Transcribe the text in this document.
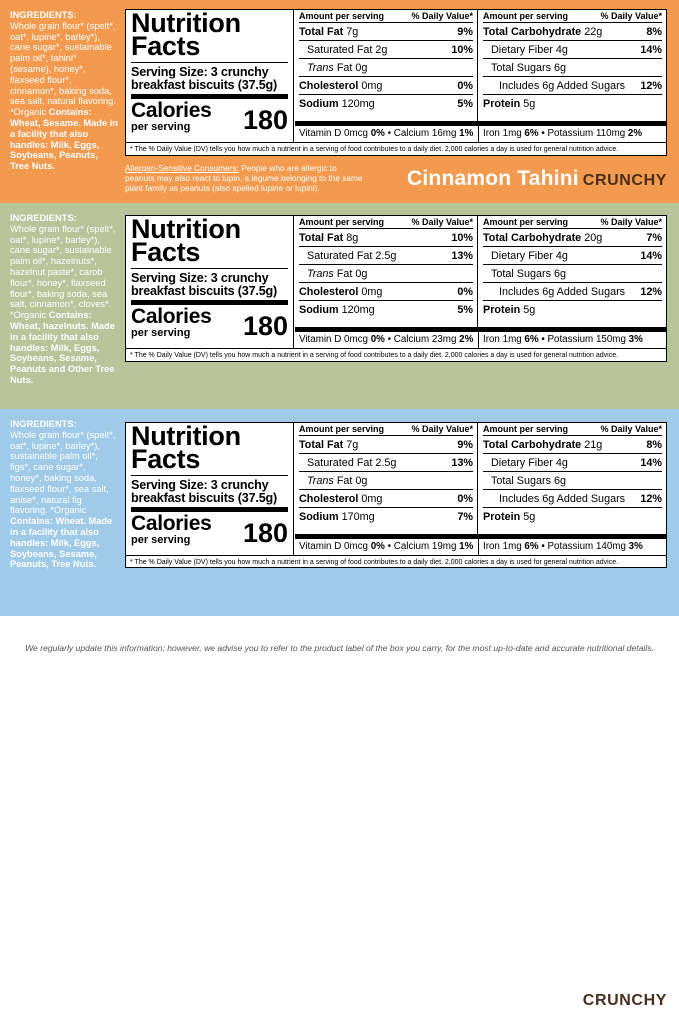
INGREDIENTS:
Whole grain flour* (spelt*, oat*, lupine*, barley*), cane sugar*, sustainable palm oil*, tahini* (sesame), honey*, flaxseed flour*, cinnamon*, baking soda, sea salt, natural flavoring. *Organic Contains: Wheat, Sesame. Made in a facility that also handles: Milk, Eggs, Soybeans, Peanuts, Tree Nuts.
Nutrition
Facts
Serving Size: 3 crunchy breakfast biscuits (37.5g)
Calories
per serving 180
Amount per serving	% Daily Value*
Total Fat 7g	9%
Saturated Fat 2g	10%
Trans Fat 0g
Cholesterol 0mg	0%
Sodium 120mg	5%
Amount per serving	% Daily Value*
Total Carbohydrate 22g	8%
Dietary Fiber 4g	14%
Total Sugars 6g
Includes 6g Added Sugars 12%
Protein 5g
Vitamin D 0mcg 0% • Calcium 16mg 1% Iron 1mg 6% • Potassium 110mg 2%
* The % Daily Value (DV) tells you how much a nutrient in a serving of food contributes to a daily diet. 2,000 calories a day is used for general nutrition advice.
Allergen-Sensitive Consumers: People who are allergic to peanuts may also react to lupin, a legume belonging to the same plant family as peanuts (also spelled lupine or lupini).	Cinnamon Tahini CRUNCHY
INGREDIENTS:
Whole grain flour* (spelt*, oat*, lupine*, barley*), cane sugar*, sustainable palm oil*, hazelnuts*, hazelnut paste*, carob flour*, honey*, flaxseed flour*, baking soda, sea salt, cinnamon*, cloves*. *Organic Contains: Wheat, hazelnuts. Made in a facility that also handles: Milk, Eggs, Soybeans, Sesame, Peanuts and Other Tree Nuts.
Nutrition
Facts
Serving Size: 3 crunchy breakfast biscuits (37.5g)
Calories
per serving 180
Amount per serving	% Daily Value*
Total Fat 8g	10%
Saturated Fat 2.5g	13%
Trans Fat 0g
Cholesterol 0mg	0%
Sodium 120mg	5%
Amount per serving	% Daily Value*
Total Carbohydrate 20g	7%
Dietary Fiber 4g	14%
Total Sugars 6g
Includes 6g Added Sugars 12%
Protein 5g
Vitamin D 0mcg 0% • Calcium 23mg 2% Iron 1mg 6% • Potassium 150mg 3%
* The % Daily Value (DV) tells you how much a nutrient in a serving of food contributes to a daily diet. 2,000 calories a day is used for general nutrition advice.
INGREDIENTS:
Whole grain flour* (spelt*, oat*, lupine*, barley*), sustainable palm oil*, figs*, cane sugar*, honey*, baking soda, flaxseed flour*, sea salt, anise*, natural fig flavoring. *Organic Contains: Wheat. Made in a facility that also handles: Milk, Eggs, Soybeans, Sesame, Peanuts, Tree Nuts.
Nutrition
Facts
Serving Size: 3 crunchy breakfast biscuits (37.5g)
Calories
per serving 180
Amount per serving	% Daily Value*
Total Fat 7g	9%
Saturated Fat 2.5g	13%
Trans Fat 0g
Cholesterol 0mg	0%
Sodium 170mg	7%
Amount per serving	% Daily Value*
Total Carbohydrate 21g	8%
Dietary Fiber 4g	14%
Total Sugars 6g
Includes 6g Added Sugars 12%
Protein 5g
Vitamin D 0mcg 0% • Calcium 19mg 1% Iron 1mg 6% • Potassium 140mg 3%
* The % Daily Value (DV) tells you how much a nutrient in a serving of food contributes to a daily diet. 2,000 calories a day is used for general nutrition advice.
Allergen-Sensitive Consumers: People who are allergic to peanuts may also react to lupin, a legume belonging to the same plant family as peanuts (also spelled lupine or lupini).
Fig Anise CRUNCHY
We regularly update this information; however, we advise you to refer to the product label of the box you carry, for the most up-to-date and accurate nutritional details.
